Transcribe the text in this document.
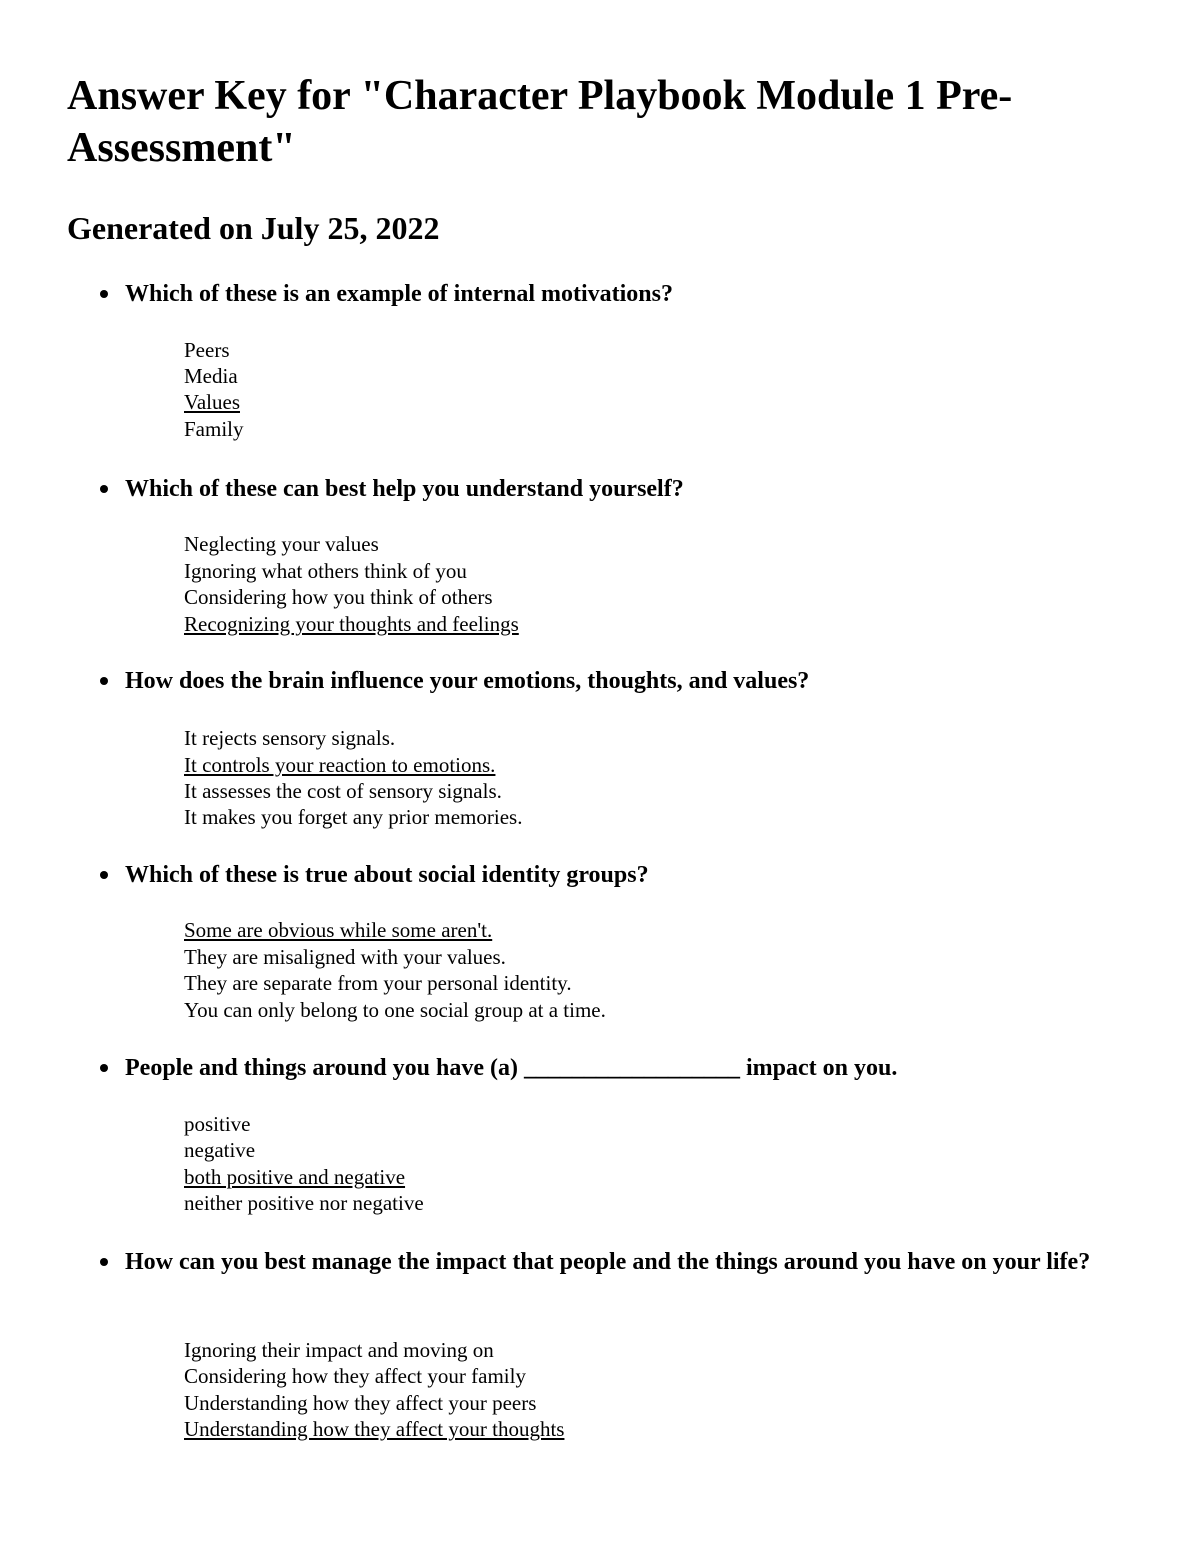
Answer Key for "Character Playbook Module 1 Pre-Assessment"
Generated on July 25, 2022
Which of these is an example of internal motivations?
Peers
Media
Values
Family
Which of these can best help you understand yourself?
Neglecting your values
Ignoring what others think of you
Considering how you think of others
Recognizing your thoughts and feelings
How does the brain influence your emotions, thoughts, and values?
It rejects sensory signals.
It controls your reaction to emotions.
It assesses the cost of sensory signals.
It makes you forget any prior memories.
Which of these is true about social identity groups?
Some are obvious while some aren't.
They are misaligned with your values.
They are separate from your personal identity.
You can only belong to one social group at a time.
People and things around you have (a) __________________ impact on you.
positive
negative
both positive and negative
neither positive nor negative
How can you best manage the impact that people and the things around you have on your life?
Ignoring their impact and moving on
Considering how they affect your family
Understanding how they affect your peers
Understanding how they affect your thoughts
